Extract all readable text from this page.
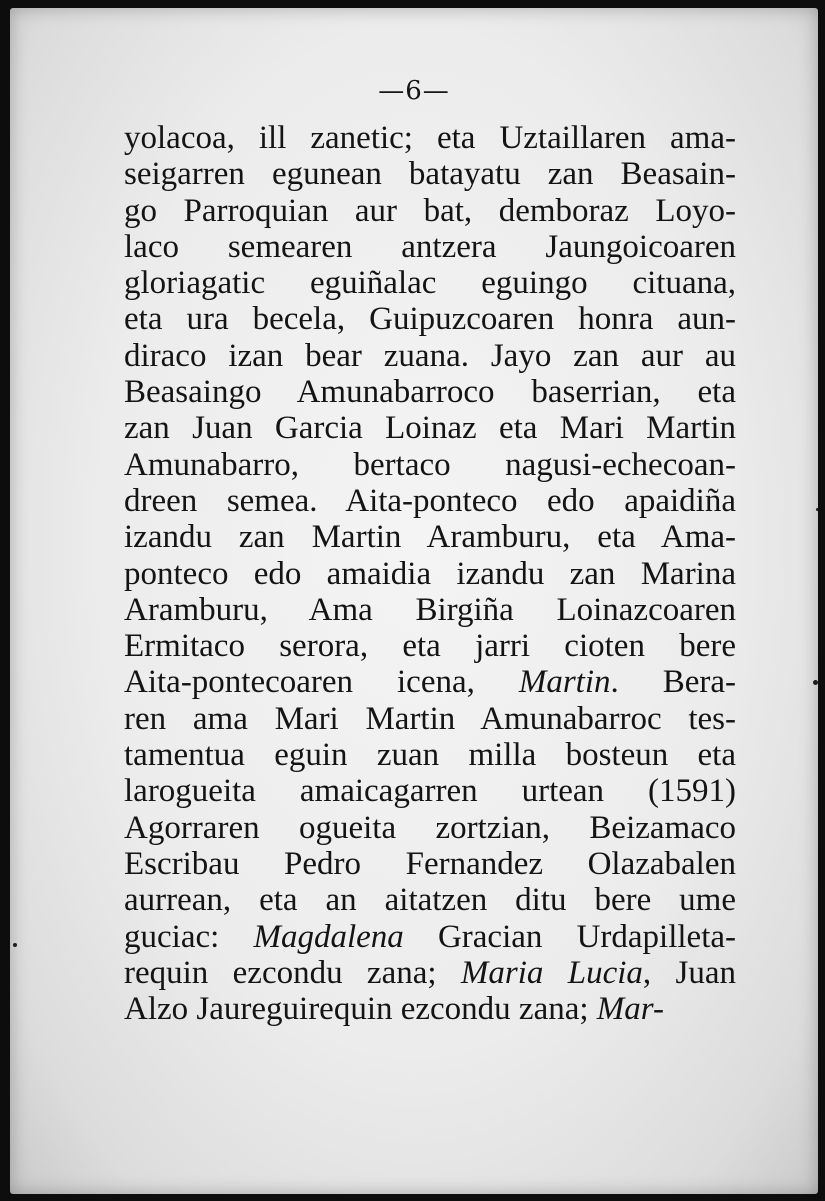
—6—
yolacoa, ill zanetic; eta Uztaillaren ama-
seigarren egunean batayatu zan Beasain-
go Parroquian aur bat, demboraz Loyo-
laco semearen antzera Jaungoicoaren
gloriagatic eguiñalac eguingo cituana,
eta ura becela, Guipuzcoaren honra aun-
diraco izan bear zuana. Jayo zan aur au
Beasaingo Amunabarroco baserrian, eta
zan Juan Garcia Loinaz eta Mari Martin
Amunabarro, bertaco nagusi-echecoan-
dreen semea. Aita-ponteco edo apaidiña
izandu zan Martin Aramburu, eta Ama-
ponteco edo amaidia izandu zan Marina
Aramburu, Ama Birgiña Loinazcoaren
Ermitaco serora, eta jarri cioten bere
Aita-pontecoaren icena, Martin. Bera-
ren ama Mari Martin Amunabarroc tes-
tamentua eguin zuan milla bosteun eta
larogueita amaicagarren urtean (1591)
Agorraren ogueita zortzian, Beizamaco
Escribau Pedro Fernandez Olazabalen
aurrean, eta an aitatzen ditu bere ume
guciac: Magdalena Gracian Urdapilleta-
requin ezcondu zana; Maria Lucia, Juan
Alzo Jaureguirequin ezcondu zana; Mar-
